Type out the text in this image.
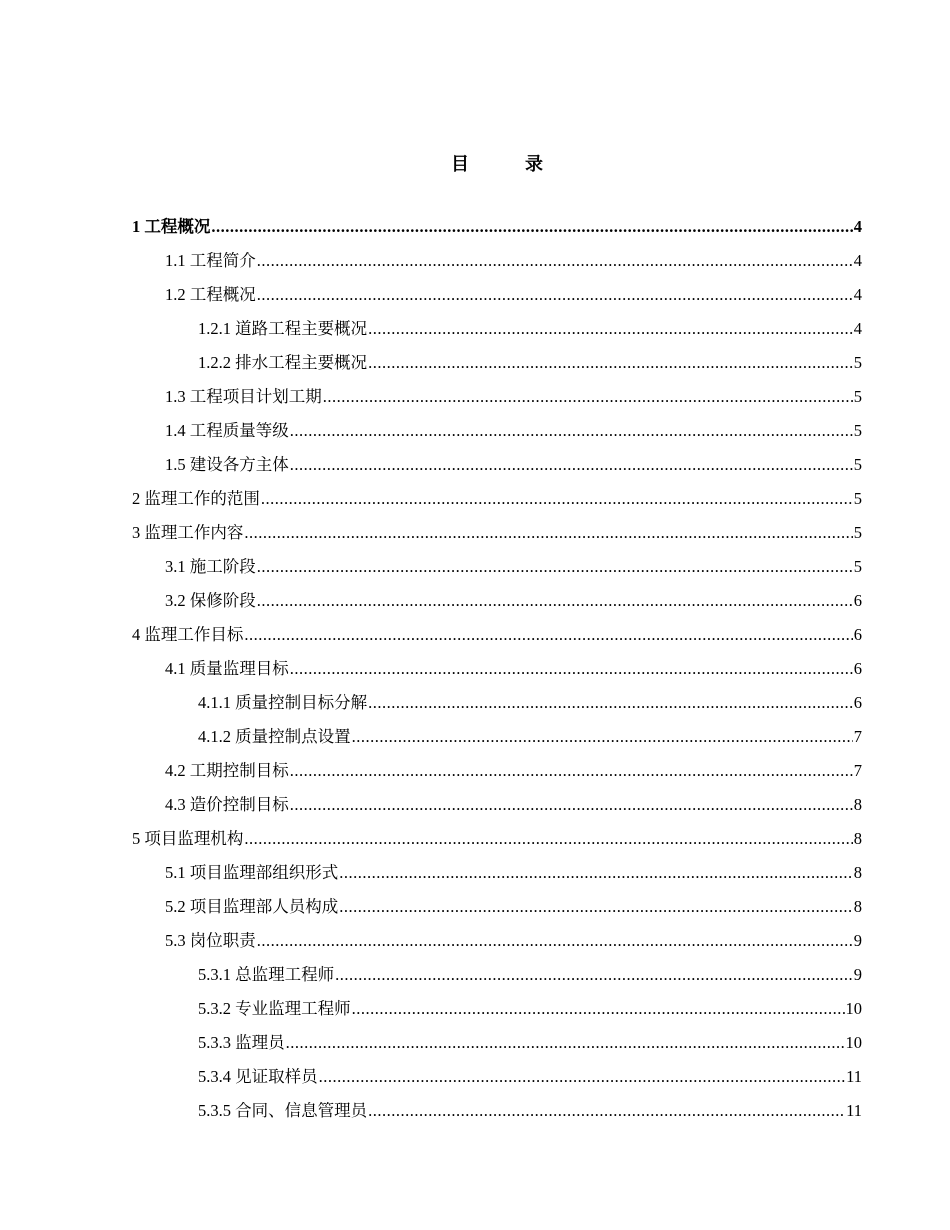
目	录
1 工程概况 .....	4
1.1 工程简介 .....	4
1.2 工程概况 .....	4
1.2.1 道路工程主要概况 .....	4
1.2.2 排水工程主要概况 .....	5
1.3 工程项目计划工期 .....	5
1.4 工程质量等级 .....	5
1.5 建设各方主体 .....	5
2 监理工作的范围 .....	5
3 监理工作内容 .....	5
3.1 施工阶段 .....	5
3.2 保修阶段 .....	6
4 监理工作目标 .....	6
4.1 质量监理目标 .....	6
4.1.1 质量控制目标分解 .....	6
4.1.2 质量控制点设置 .....	7
4.2 工期控制目标 .....	7
4.3 造价控制目标 .....	8
5 项目监理机构 .....	8
5.1 项目监理部组织形式 .....	8
5.2 项目监理部人员构成 .....	8
5.3 岗位职责 .....	9
5.3.1 总监理工程师 .....	9
5.3.2 专业监理工程师 .....	10
5.3.3 监理员 .....	10
5.3.4 见证取样员 .....	11
5.3.5 合同、信息管理员 .....	11
